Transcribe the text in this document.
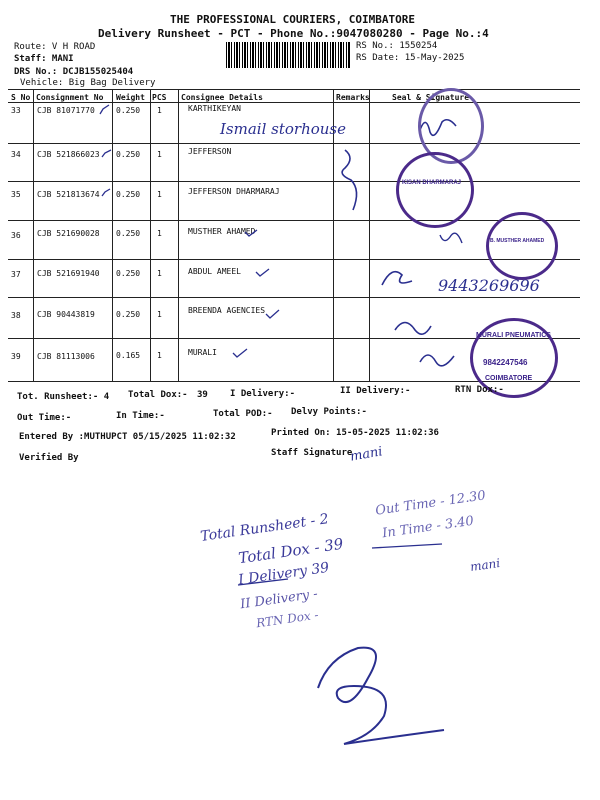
THE PROFESSIONAL COURIERS, COIMBATORE
Delivery Runsheet - PCT - Phone No.:9047080280 - Page No.:4
Route: V H ROAD
Staff: MANI
DRS No.: DCJB155025404
Vehicle: Big Bag Delivery
RS No.: 1550254
RS Date: 15-May-2025
S No Consignment No Weight PCS Consignee Details	Remarks	Seal & Signature
33 CJB 81071770	0.250 1	KARTHIKEYAN
34 CJB 521866023 0.250 1	JEFFERSON
35 CJB 521813674 0.250 1	JEFFERSON DHARMARAJ
36 CJB 521690028 0.250 1	MUSTHER AHAMED
37 CJB 521691940 0.250 1	ABDUL AMEEL
38 CJB 90443819	0.250 1	BREENDA AGENCIES
39 CJB 81113006	0.165 1	MURALI
Ismail storhouse
9443269696
mani
KISAN DHARMARAJ
B. MUSTHER AHAMED
MURALI PNEUMATICS
9842247546
COIMBATORE
Tot. Runsheet:- 4 Total Dox:- 39 I Delivery:-	II Delivery:-	RTN Dox:-
Out Time:-	In Time:-	Total POD:- Delvy Points:-
Entered By :MUTHUPCT 05/15/2025 11:02:32	Printed On: 15-05-2025 11:02:36
Verified By	Staff Signature
Total Runsheet - 2
Total Dox - 39
I Delivery 39
II Delivery -
RTN Dox -
Out Time - 12.30
In Time - 3.40
mani
